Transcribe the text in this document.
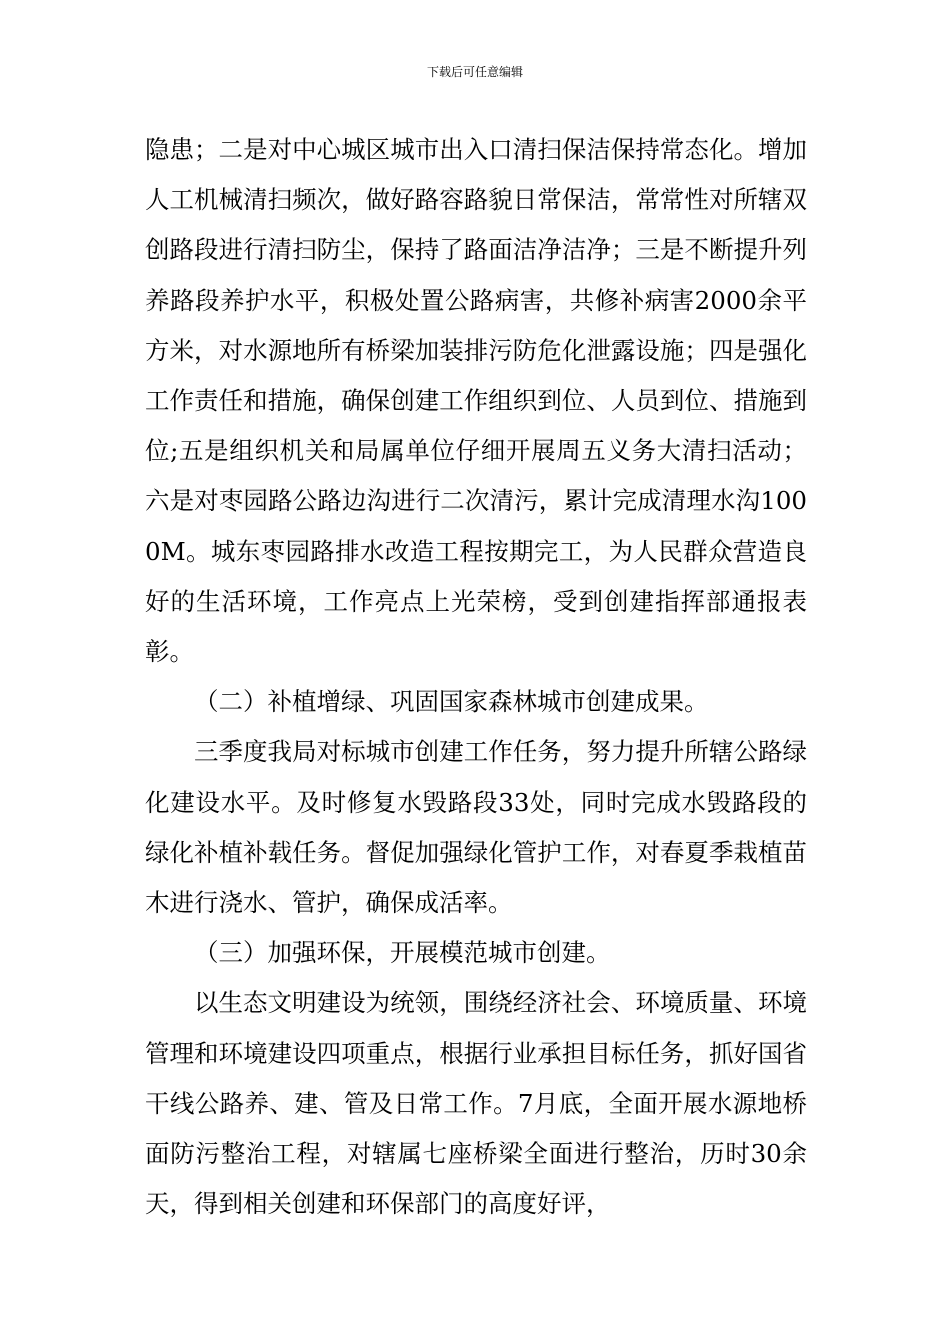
下载后可任意编辑

隐患；二是对中心城区城市出入口清扫保洁保持常态化。增加人工机械清扫频次，做好路容路貌日常保洁，常常性对所辖双创路段进行清扫防尘，保持了路面洁净洁净；三是不断提升列养路段养护水平，积极处置公路病害，共修补病害2000余平方米，对水源地所有桥梁加装排污防危化泄露设施；四是强化工作责任和措施，确保创建工作组织到位、人员到位、措施到位;五是组织机关和局属单位仔细开展周五义务大清扫活动；六是对枣园路公路边沟进行二次清污，累计完成清理水沟1000M。城东枣园路排水改造工程按期完工，为人民群众营造良好的生活环境，工作亮点上光荣榜，受到创建指挥部通报表彰。

（二）补植增绿、巩固国家森林城市创建成果。

三季度我局对标城市创建工作任务，努力提升所辖公路绿化建设水平。及时修复水毁路段33处，同时完成水毁路段的绿化补植补载任务。督促加强绿化管护工作，对春夏季栽植苗木进行浇水、管护，确保成活率。

（三）加强环保，开展模范城市创建。

以生态文明建设为统领，围绕经济社会、环境质量、环境管理和环境建设四项重点，根据行业承担目标任务，抓好国省干线公路养、建、管及日常工作。7月底，全面开展水源地桥面防污整治工程，对辖属七座桥梁全面进行整治，历时30余天，得到相关创建和环保部门的高度好评，
